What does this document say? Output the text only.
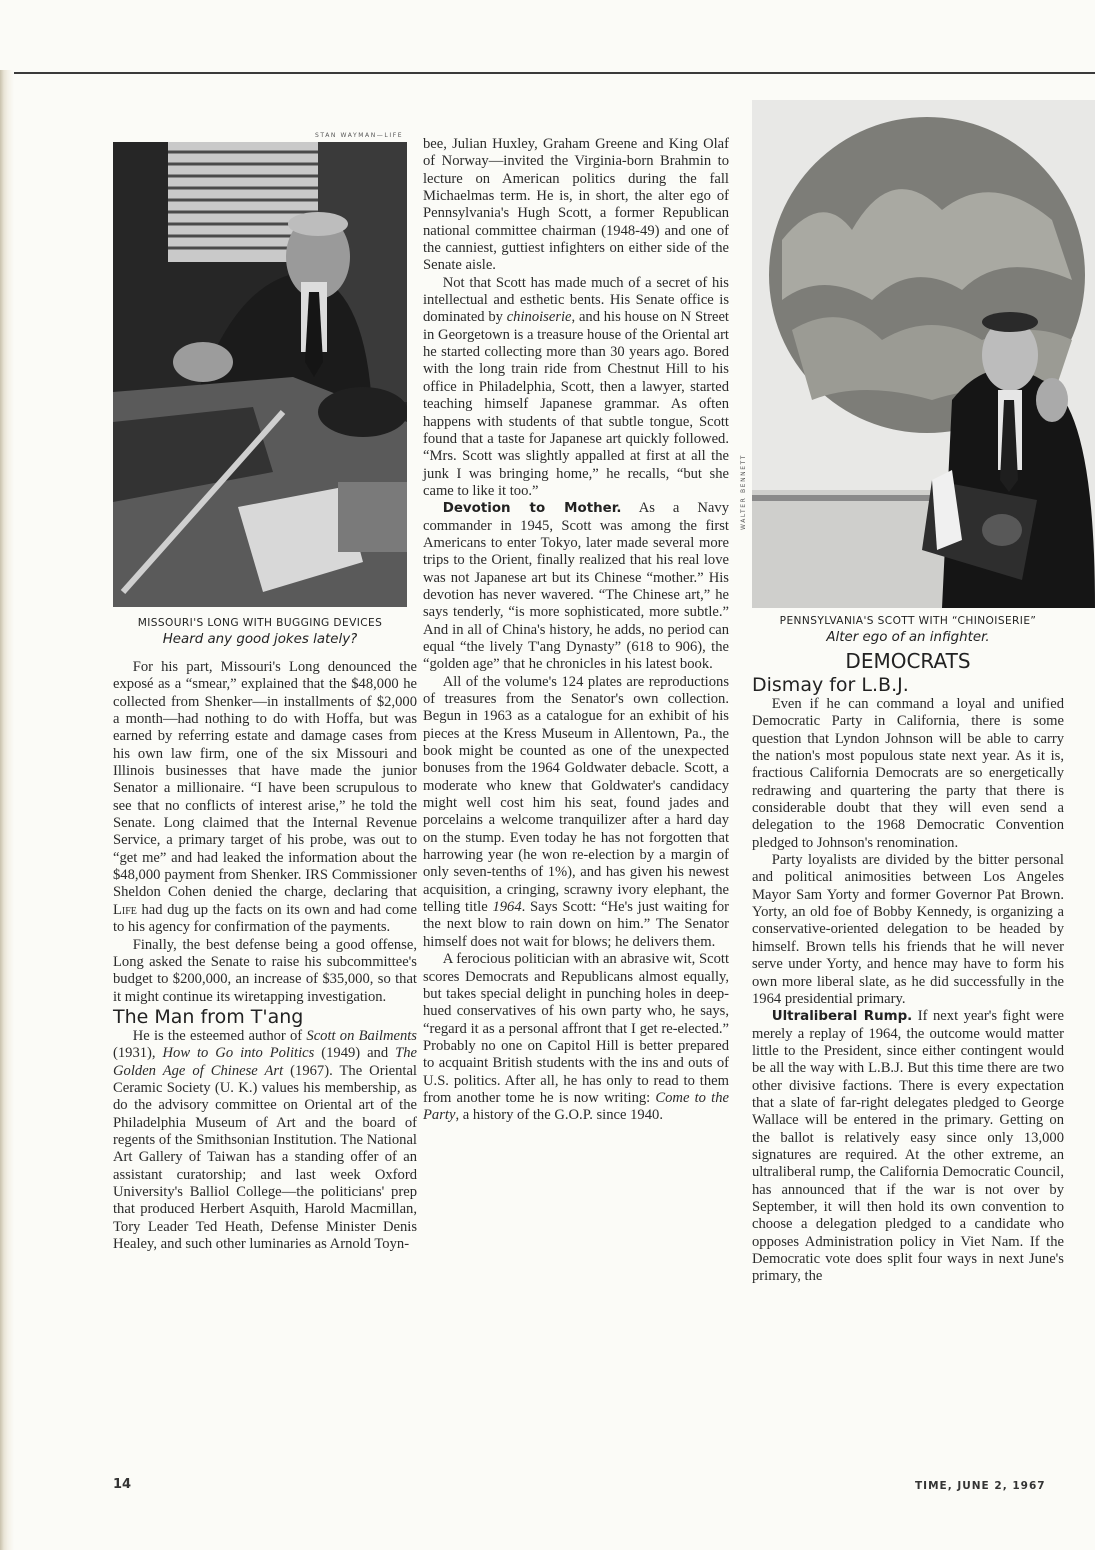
STAN WAYMAN—LIFE
MISSOURI'S LONG WITH BUGGING DEVICES
Heard any good jokes lately?
WALTER BENNETT
PENNSYLVANIA'S SCOTT WITH “CHINOISERIE”
Alter ego of an infighter.

For his part, Missouri's Long denounced the exposé as a “smear,” explained that the $48,000 he collected from Shenker—in installments of $2,000 a month—had nothing to do with Hoffa, but was earned by referring estate and damage cases from his own law firm, one of the six Missouri and Illinois businesses that have made the junior Senator a millionaire. “I have been scrupulous to see that no conflicts of interest arise,” he told the Senate. Long claimed that the Internal Revenue Service, a primary target of his probe, was out to “get me” and had leaked the information about the $48,000 payment from Shenker. IRS Commissioner Sheldon Cohen denied the charge, declaring that Life had dug up the facts on its own and had come to his agency for confirmation of the payments.

Finally, the best defense being a good offense, Long asked the Senate to raise his subcommittee's budget to $200,000, an increase of $35,000, so that it might continue its wiretapping investigation.

The Man from T'ang

He is the esteemed author of Scott on Bailments (1931), How to Go into Politics (1949) and The Golden Age of Chinese Art (1967). The Oriental Ceramic Society (U. K.) values his membership, as do the advisory committee on Oriental art of the Philadelphia Museum of Art and the board of regents of the Smithsonian Institution. The National Art Gallery of Taiwan has a standing offer of an assistant curatorship; and last week Oxford University's Balliol College—the politicians' prep that produced Herbert Asquith, Harold Macmillan, Tory Leader Ted Heath, Defense Minister Denis Healey, and such other luminaries as Arnold Toyn-

bee, Julian Huxley, Graham Greene and King Olaf of Norway—invited the Virginia-born Brahmin to lecture on American politics during the fall Michaelmas term. He is, in short, the alter ego of Pennsylvania's Hugh Scott, a former Republican national committee chairman (1948-49) and one of the canniest, guttiest infighters on either side of the Senate aisle.

Not that Scott has made much of a secret of his intellectual and esthetic bents. His Senate office is dominated by chinoiserie, and his house on N Street in Georgetown is a treasure house of the Oriental art he started collecting more than 30 years ago. Bored with the long train ride from Chestnut Hill to his office in Philadelphia, Scott, then a lawyer, started teaching himself Japanese grammar. As often happens with students of that subtle tongue, Scott found that a taste for Japanese art quickly followed. “Mrs. Scott was slightly appalled at first at all the junk I was bringing home,” he recalls, “but she came to like it too.”

Devotion to Mother. As a Navy commander in 1945, Scott was among the first Americans to enter Tokyo, later made several more trips to the Orient, finally realized that his real love was not Japanese art but its Chinese “mother.” His devotion has never wavered. “The Chinese art,” he says tenderly, “is more sophisticated, more subtle.” And in all of China's history, he adds, no period can equal “the lively T'ang Dynasty” (618 to 906), the “golden age” that he chronicles in his latest book.

All of the volume's 124 plates are reproductions of treasures from the Senator's own collection. Begun in 1963 as a catalogue for an exhibit of his pieces at the Kress Museum in Allentown, Pa., the book might be counted as one of the unexpected bonuses from the 1964 Goldwater debacle. Scott, a moderate who knew that Goldwater's candidacy might well cost him his seat, found jades and porcelains a welcome tranquilizer after a hard day on the stump. Even today he has not forgotten that harrowing year (he won re-election by a margin of only seven-tenths of 1%), and has given his newest acquisition, a cringing, scrawny ivory elephant, the telling title 1964. Says Scott: “He's just waiting for the next blow to rain down on him.” The Senator himself does not wait for blows; he delivers them.

A ferocious politician with an abrasive wit, Scott scores Democrats and Republicans almost equally, but takes special delight in punching holes in deep-hued conservatives of his own party who, he says, “regard it as a personal affront that I get re-elected.” Probably no one on Capitol Hill is better prepared to acquaint British students with the ins and outs of U.S. politics. After all, he has only to read to them from another tome he is now writing: Come to the Party, a history of the G.O.P. since 1940.

DEMOCRATS

Dismay for L.B.J.

Even if he can command a loyal and unified Democratic Party in California, there is some question that Lyndon Johnson will be able to carry the nation's most populous state next year. As it is, fractious California Democrats are so energetically redrawing and quartering the party that there is considerable doubt that they will even send a delegation to the 1968 Democratic Convention pledged to Johnson's renomination.

Party loyalists are divided by the bitter personal and political animosities between Los Angeles Mayor Sam Yorty and former Governor Pat Brown. Yorty, an old foe of Bobby Kennedy, is organizing a conservative-oriented delegation to be headed by himself. Brown tells his friends that he will never serve under Yorty, and hence may have to form his own more liberal slate, as he did successfully in the 1964 presidential primary.

Ultraliberal Rump. If next year's fight were merely a replay of 1964, the outcome would matter little to the President, since either contingent would be all the way with L.B.J. But this time there are two other divisive factions. There is every expectation that a slate of far-right delegates pledged to George Wallace will be entered in the primary. Getting on the ballot is relatively easy since only 13,000 signatures are required. At the other extreme, an ultraliberal rump, the California Democratic Council, has announced that if the war is not over by September, it will then hold its own convention to choose a delegation pledged to a candidate who opposes Administration policy in Viet Nam. If the Democratic vote does split four ways in next June's primary, the

14	TIME, JUNE 2, 1967
